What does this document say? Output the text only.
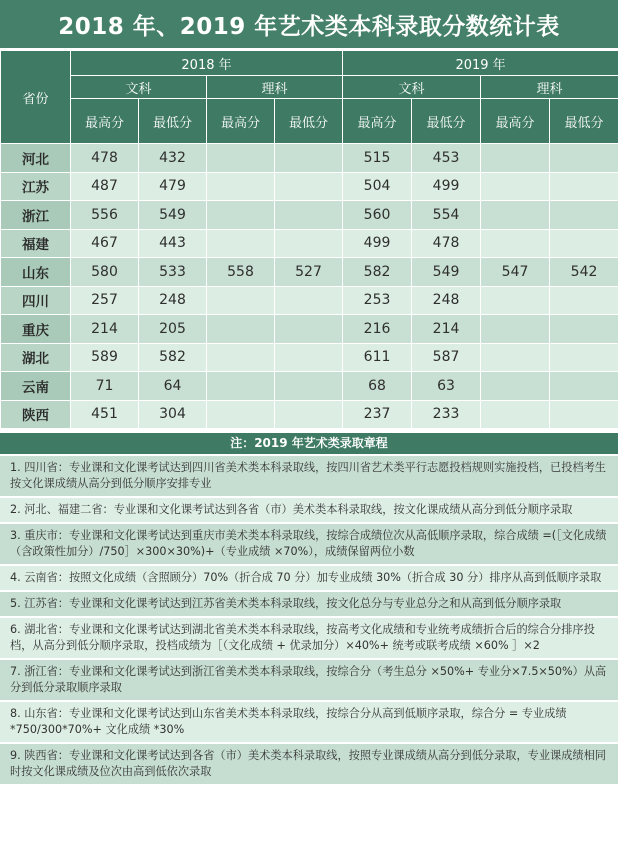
2018 年、2019 年艺术类本科录取分数统计表
省份	2018 年				2019 年			
	文科		理科		文科		理科	
	最高分	最低分	最高分	最低分	最高分	最低分	最高分	最低分
河北	478	432			515	453		
江苏	487	479			504	499		
浙江	556	549			560	554		
福建	467	443			499	478		
山东	580	533	558	527	582	549	547	542
四川	257	248			253	248		
重庆	214	205			216	214		
湖北	589	582			611	587		
云南	71	64			68	63		
陕西	451	304			237	233		
注：2019 年艺术类录取章程
1. 四川省：专业课和文化课考试达到四川省美术类本科录取线，按四川省艺术类平行志愿投档规则实施投档，已投档考生按文化课成绩从高分到低分顺序安排专业
2. 河北、福建二省：专业课和文化课考试达到各省（市）美术类本科录取线，按文化课成绩从高分到低分顺序录取
3. 重庆市：专业课和文化课考试达到重庆市美术类本科录取线，按综合成绩位次从高低顺序录取，综合成绩 =(［文化成绩（含政策性加分）/750］×300×30%)+（专业成绩 ×70%），成绩保留两位小数
4. 云南省：按照文化成绩（含照顾分）70%（折合成 70 分）加专业成绩 30%（折合成 30 分）排序从高到低顺序录取
5. 江苏省：专业课和文化课考试达到江苏省美术类本科录取线，按文化总分与专业总分之和从高到低分顺序录取
6. 湖北省：专业课和文化课考试达到湖北省美术类本科录取线，按高考文化成绩和专业统考成绩折合后的综合分排序投档，从高分到低分顺序录取，投档成绩为［（文化成绩 + 优录加分）×40%+ 统考或联考成绩 ×60% ］×2
7. 浙江省：专业课和文化课考试达到浙江省美术类本科录取线，按综合分（考生总分 ×50%+ 专业分×7.5×50%）从高分到低分录取顺序录取
8. 山东省：专业课和文化课考试达到山东省美术类本科录取线，按综合分从高到低顺序录取，综合分 = 专业成绩*750/300*70%+ 文化成绩 *30%
9. 陕西省：专业课和文化课考试达到各省（市）美术类本科录取线，按照专业课成绩从高分到低分录取，专业课成绩相同时按文化课成绩及位次由高到低依次录取
